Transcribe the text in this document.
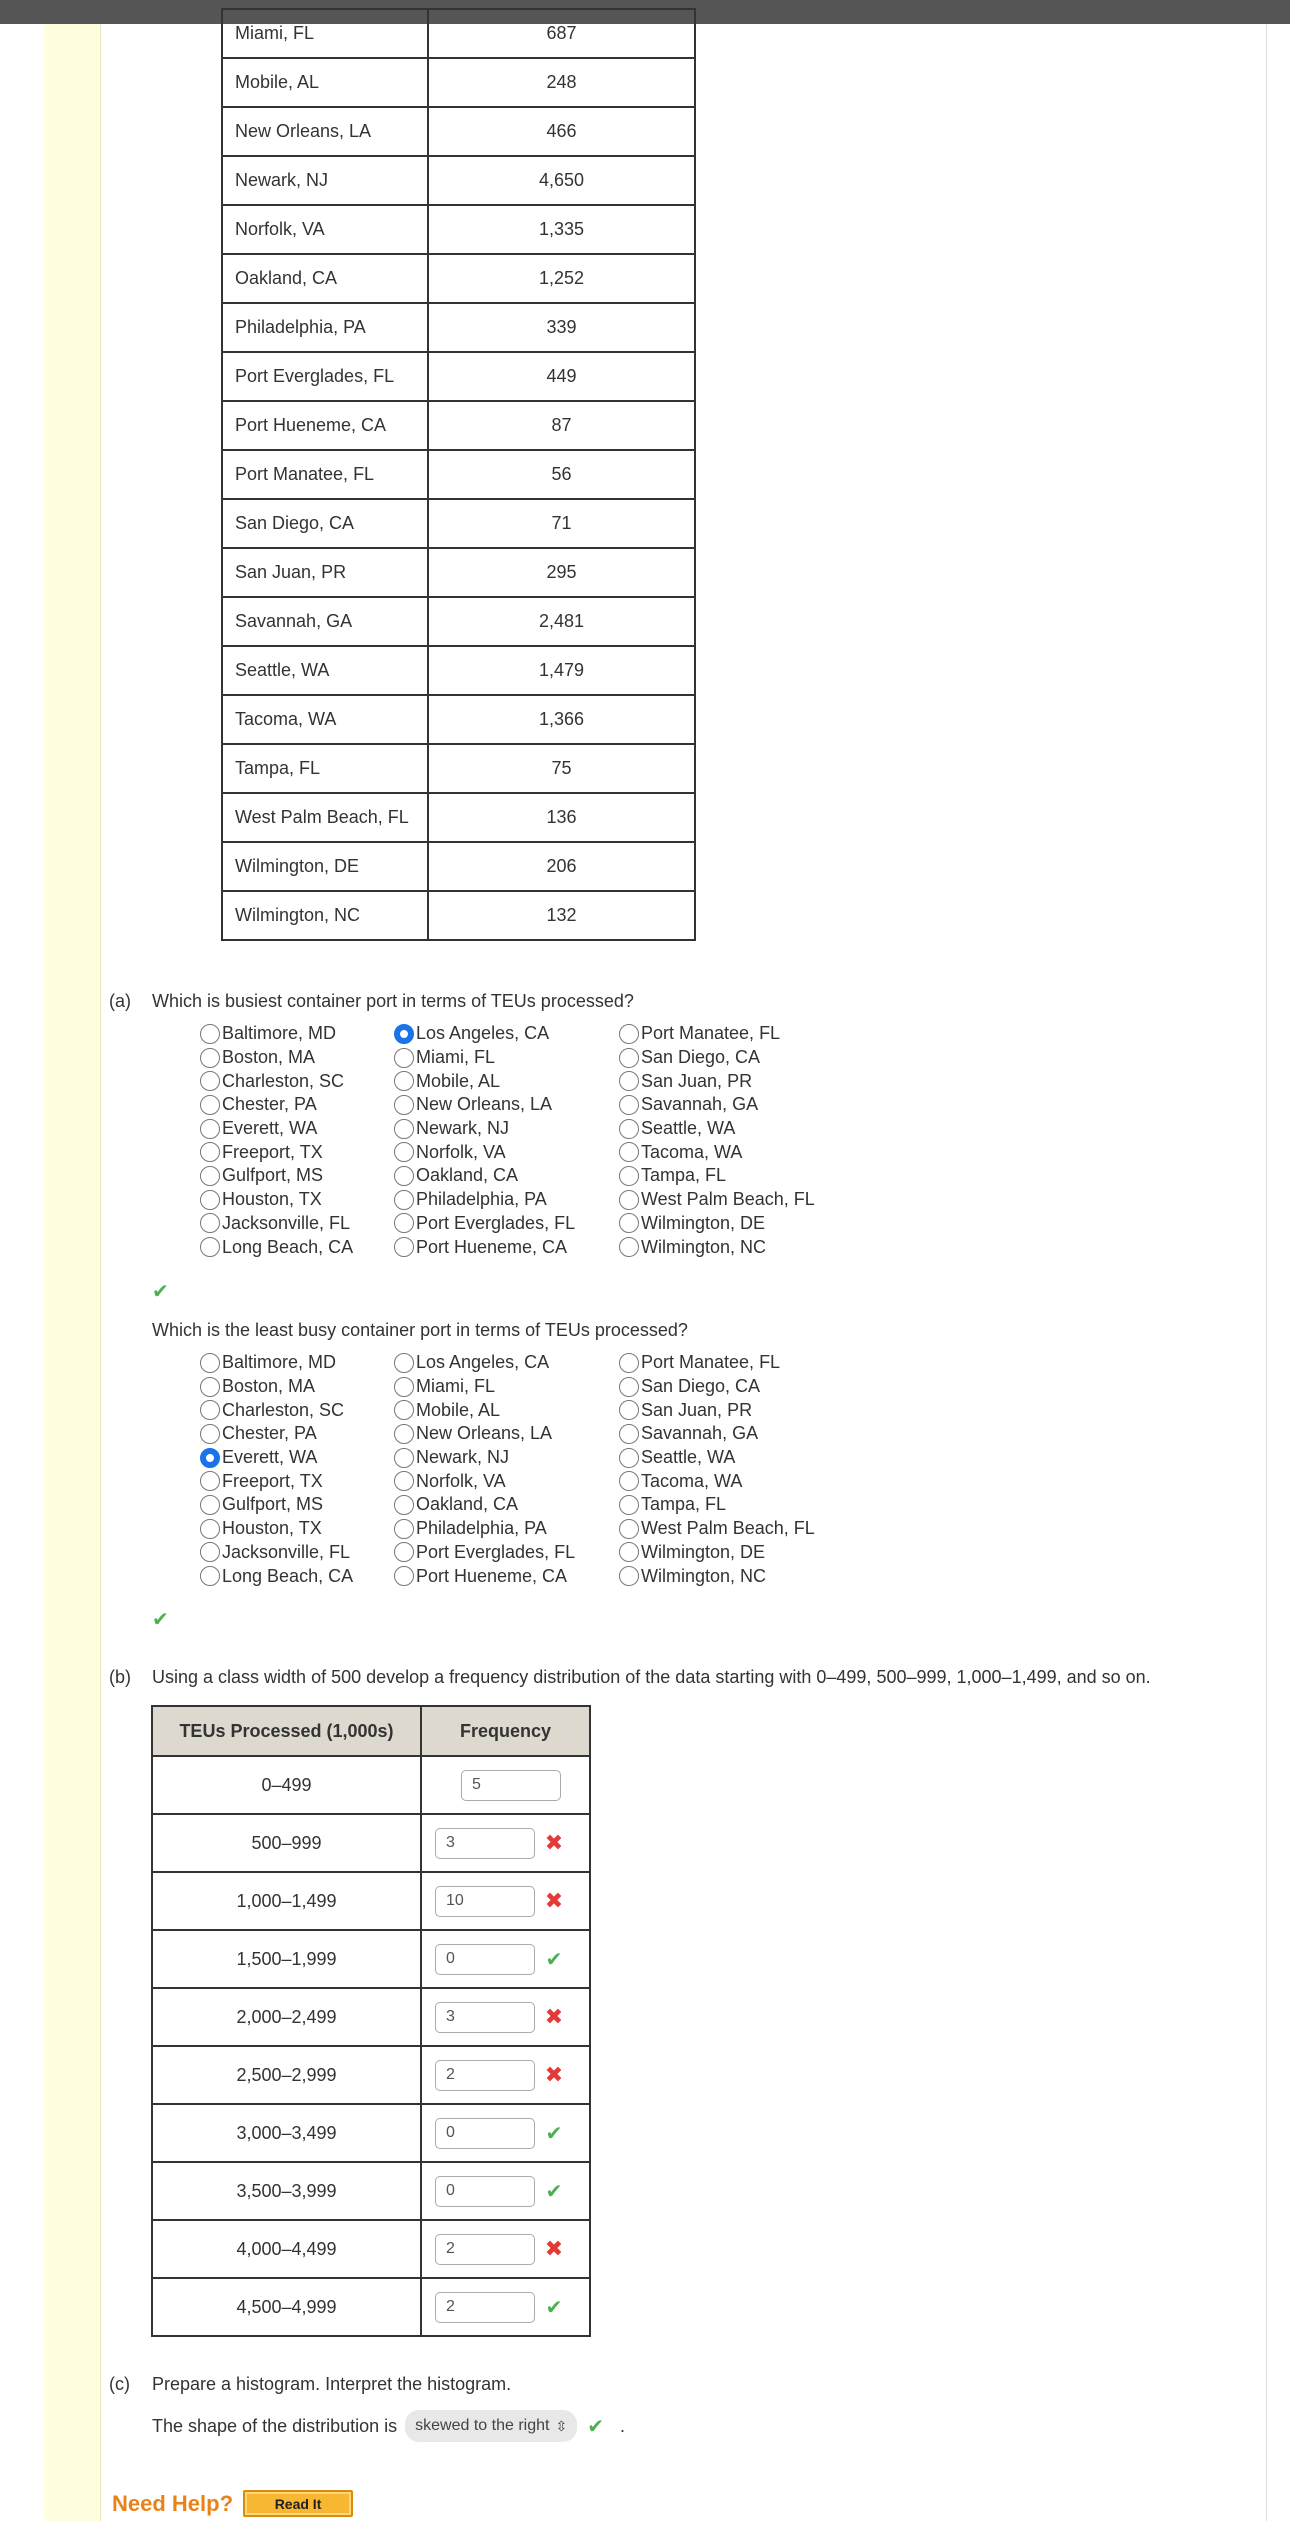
Miami, FL	687
Mobile, AL	248
New Orleans, LA	466
Newark, NJ	4,650
Norfolk, VA	1,335
Oakland, CA	1,252
Philadelphia, PA	339
Port Everglades, FL	449
Port Hueneme, CA	87
Port Manatee, FL	56
San Diego, CA	71
San Juan, PR	295
Savannah, GA	2,481
Seattle, WA	1,479
Tacoma, WA	1,366
Tampa, FL	75
West Palm Beach, FL	136
Wilmington, DE	206
Wilmington, NC	132
(a) Which is busiest container port in terms of TEUs processed?
Baltimore, MD	Los Angeles, CA	Port Manatee, FL
Boston, MA	Miami, FL	San Diego, CA
Charleston, SC	Mobile, AL	San Juan, PR
Chester, PA	New Orleans, LA	Savannah, GA
Everett, WA	Newark, NJ	Seattle, WA
Freeport, TX	Norfolk, VA	Tacoma, WA
Gulfport, MS	Oakland, CA	Tampa, FL
Houston, TX	Philadelphia, PA	West Palm Beach, FL
Jacksonville, FL	Port Everglades, FL	Wilmington, DE
Long Beach, CA	Port Hueneme, CA	Wilmington, NC
✔
Which is the least busy container port in terms of TEUs processed?
Baltimore, MD	Los Angeles, CA	Port Manatee, FL
Boston, MA	Miami, FL	San Diego, CA
Charleston, SC	Mobile, AL	San Juan, PR
Chester, PA	New Orleans, LA	Savannah, GA
Everett, WA	Newark, NJ	Seattle, WA
Freeport, TX	Norfolk, VA	Tacoma, WA
Gulfport, MS	Oakland, CA	Tampa, FL
Houston, TX	Philadelphia, PA	West Palm Beach, FL
Jacksonville, FL	Port Everglades, FL	Wilmington, DE
Long Beach, CA	Port Hueneme, CA	Wilmington, NC
✔
(b) Using a class width of 500 develop a frequency distribution of the data starting with 0–499, 500–999, 1,000–1,499, and so on.
TEUs Processed (1,000s)	Frequency
0–499	5

500–999	3 ✖

1,000–1,499	10 ✖

1,500–1,999	0 ✔

2,000–2,499	3 ✖

2,500–2,999	2 ✖

3,000–3,499	0 ✔

3,500–3,999	0 ✔

4,000–4,499	2 ✖

4,500–4,999	2 ✔
(c) Prepare a histogram. Interpret the histogram.
The shape of the distribution is skewed to the right ⇳ ✔ .
Need Help?	Read It
